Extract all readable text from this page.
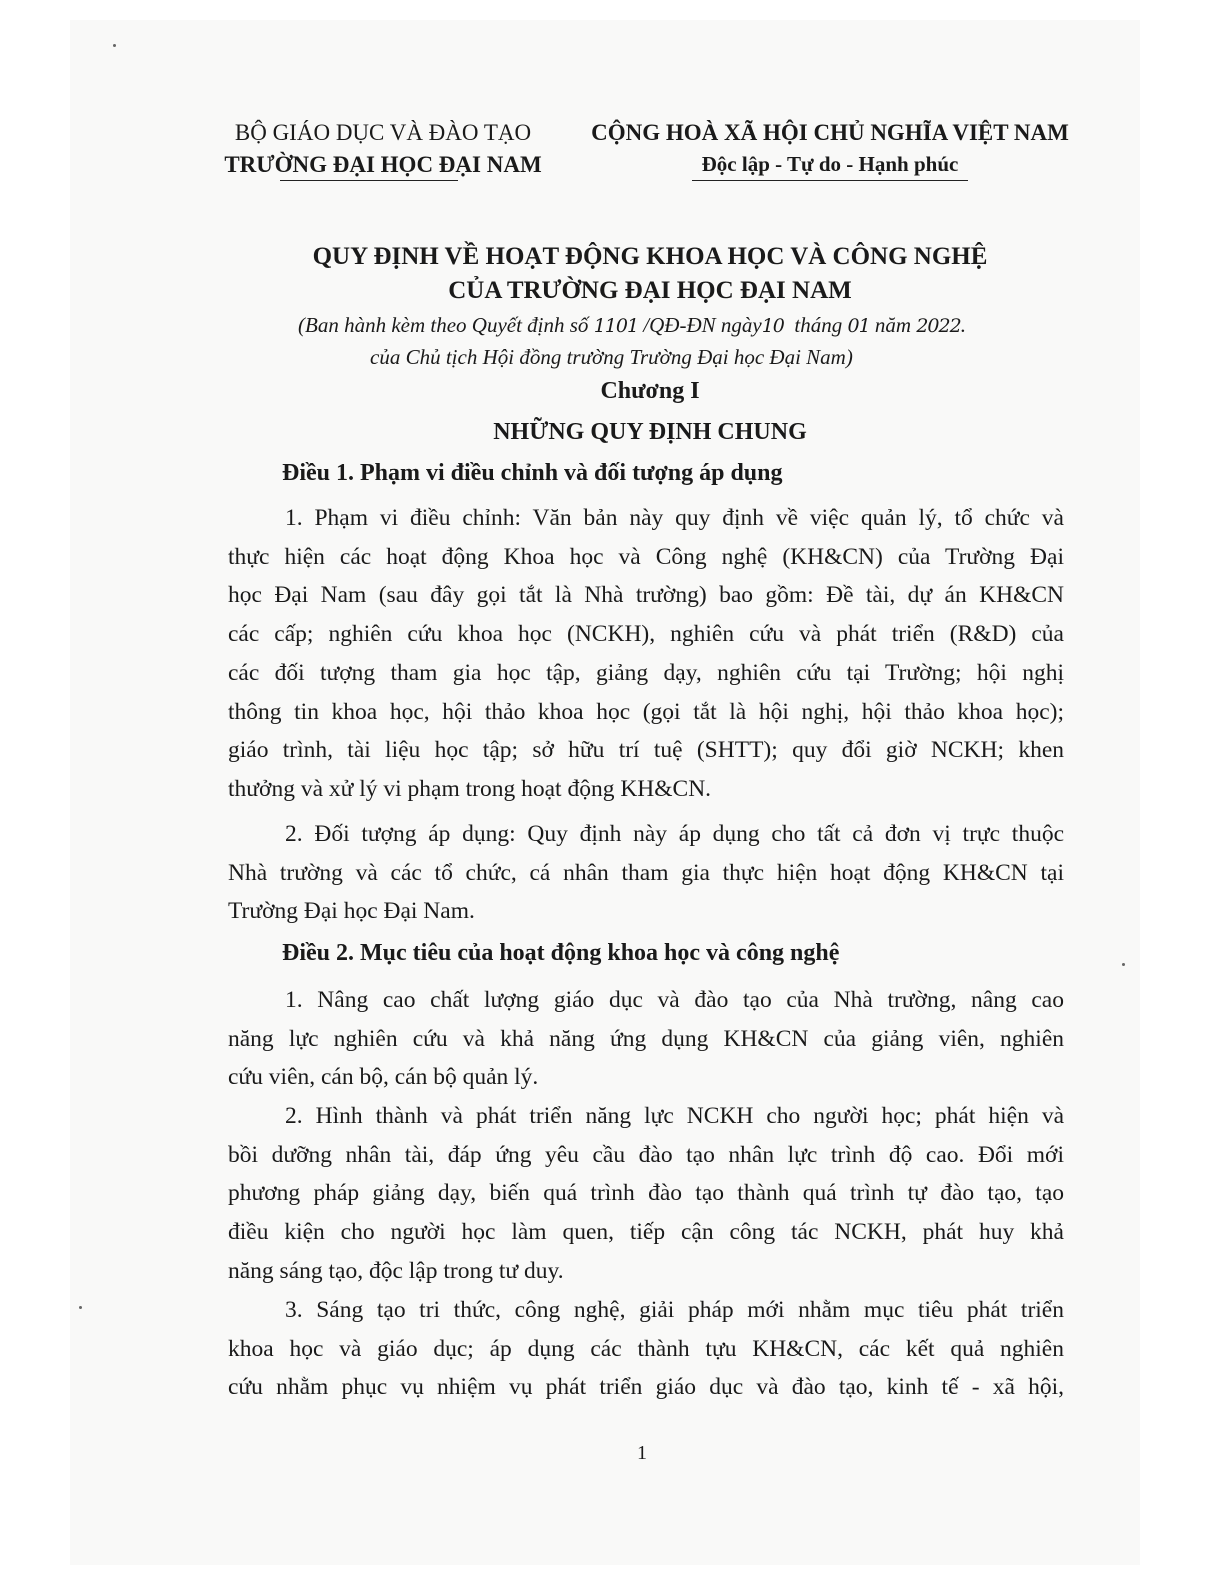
BỘ GIÁO DỤC VÀ ĐÀO TẠO
TRƯỜNG ĐẠI HỌC ĐẠI NAM
CỘNG HOÀ XÃ HỘI CHỦ NGHĨA VIỆT NAM
Độc lập - Tự do - Hạnh phúc
QUY ĐỊNH VỀ HOẠT ĐỘNG KHOA HỌC VÀ CÔNG NGHỆ
CỦA TRƯỜNG ĐẠI HỌC ĐẠI NAM
(Ban hành kèm theo Quyết định số 1101 /QĐ-ĐN ngày10 tháng 01 năm 2022.
của Chủ tịch Hội đồng trường Trường Đại học Đại Nam)
Chương I
NHỮNG QUY ĐỊNH CHUNG
Điều 1. Phạm vi điều chỉnh và đối tượng áp dụng
1. Phạm vi điều chỉnh: Văn bản này quy định về việc quản lý, tổ chức và
thực hiện các hoạt động Khoa học và Công nghệ (KH&CN) của Trường Đại
học Đại Nam (sau đây gọi tắt là Nhà trường) bao gồm: Đề tài, dự án KH&CN
các cấp; nghiên cứu khoa học (NCKH), nghiên cứu và phát triển (R&D) của
các đối tượng tham gia học tập, giảng dạy, nghiên cứu tại Trường; hội nghị
thông tin khoa học, hội thảo khoa học (gọi tắt là hội nghị, hội thảo khoa học);
giáo trình, tài liệu học tập; sở hữu trí tuệ (SHTT); quy đổi giờ NCKH; khen
thưởng và xử lý vi phạm trong hoạt động KH&CN.
2. Đối tượng áp dụng: Quy định này áp dụng cho tất cả đơn vị trực thuộc
Nhà trường và các tổ chức, cá nhân tham gia thực hiện hoạt động KH&CN tại
Trường Đại học Đại Nam.
Điều 2. Mục tiêu của hoạt động khoa học và công nghệ
1. Nâng cao chất lượng giáo dục và đào tạo của Nhà trường, nâng cao
năng lực nghiên cứu và khả năng ứng dụng KH&CN của giảng viên, nghiên
cứu viên, cán bộ, cán bộ quản lý.
2. Hình thành và phát triển năng lực NCKH cho người học; phát hiện và
bồi dưỡng nhân tài, đáp ứng yêu cầu đào tạo nhân lực trình độ cao. Đổi mới
phương pháp giảng dạy, biến quá trình đào tạo thành quá trình tự đào tạo, tạo
điều kiện cho người học làm quen, tiếp cận công tác NCKH, phát huy khả
năng sáng tạo, độc lập trong tư duy.
3. Sáng tạo tri thức, công nghệ, giải pháp mới nhằm mục tiêu phát triển
khoa học và giáo dục; áp dụng các thành tựu KH&CN, các kết quả nghiên
cứu nhằm phục vụ nhiệm vụ phát triển giáo dục và đào tạo, kinh tế - xã hội,
1
